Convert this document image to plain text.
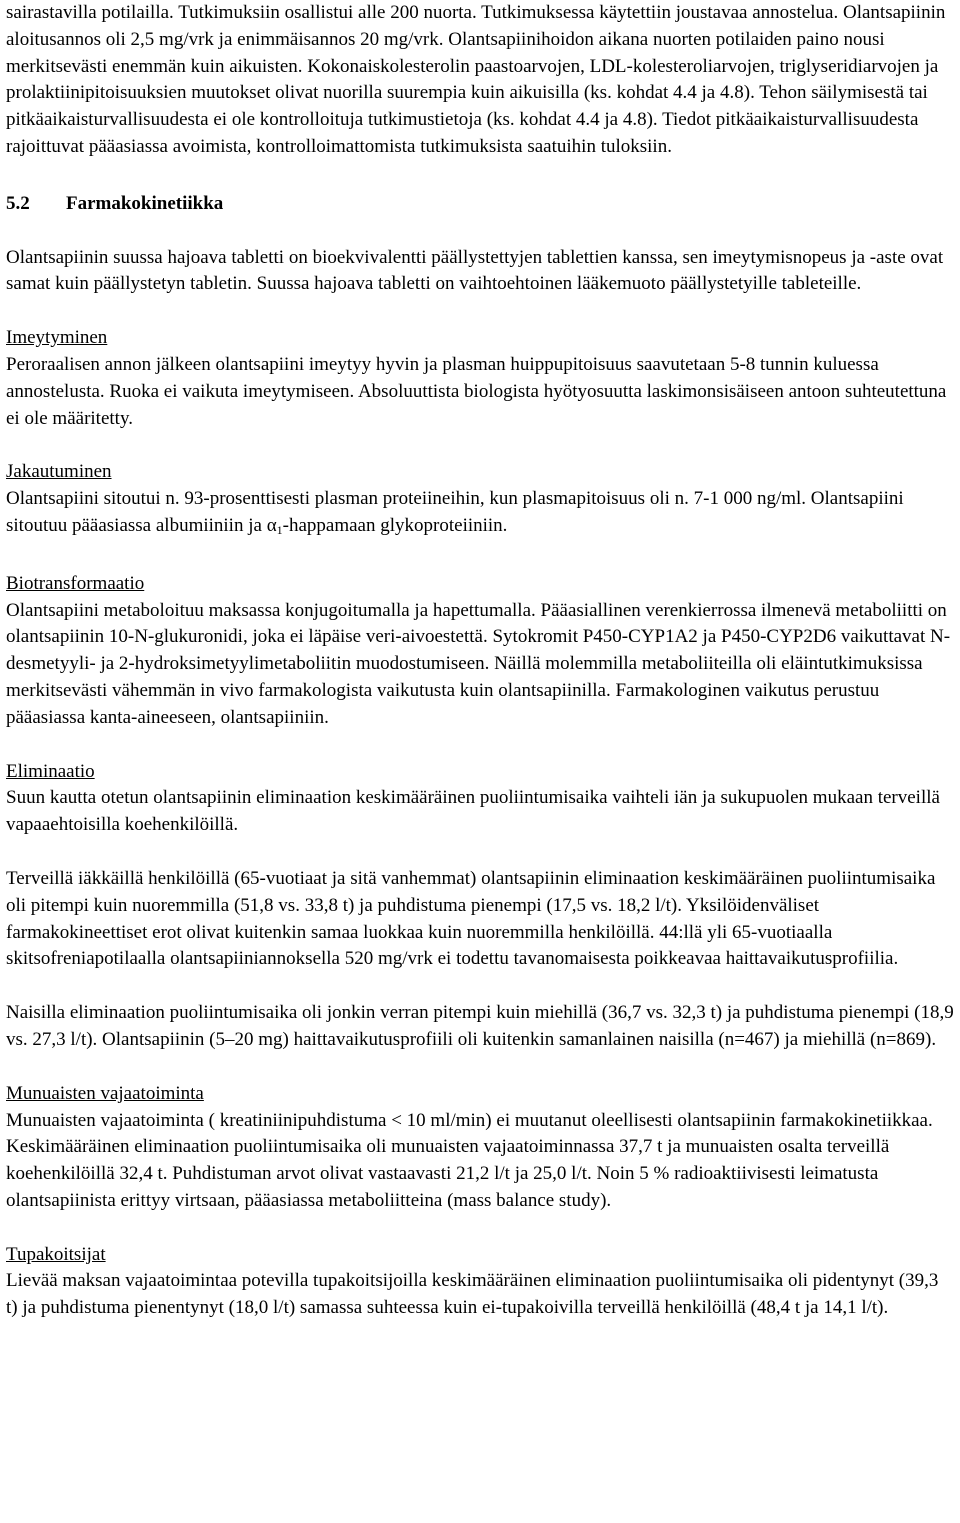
sairastavilla potilailla. Tutkimuksiin osallistui alle 200 nuorta. Tutkimuksessa käytettiin joustavaa annostelua. Olantsapiinin aloitusannos oli 2,5 mg/vrk ja enimmäisannos 20 mg/vrk. Olantsapiinihoidon aikana nuorten potilaiden paino nousi merkitsevästi enemmän kuin aikuisten. Kokonaiskolesterolin paastoarvojen, LDL-kolesteroliarvojen, triglyseridiarvojen ja prolaktiinipitoisuuksien muutokset olivat nuorilla suurempia kuin aikuisilla (ks. kohdat 4.4 ja 4.8). Tehon säilymisestä tai pitkäaikaisturvallisuudesta ei ole kontrolloituja tutkimustietoja (ks. kohdat 4.4 ja 4.8). Tiedot pitkäaikaisturvallisuudesta rajoittuvat pääasiassa avoimista, kontrolloimattomista tutkimuksista saatuihin tuloksiin.

5.2 Farmakokinetiikka

Olantsapiinin suussa hajoava tabletti on bioekvivalentti päällystettyjen tablettien kanssa, sen imeytymisnopeus ja -aste ovat samat kuin päällystetyn tabletin. Suussa hajoava tabletti on vaihtoehtoinen lääkemuoto päällystetyille tableteille.

Imeytyminen

Peroraalisen annon jälkeen olantsapiini imeytyy hyvin ja plasman huippupitoisuus saavutetaan 5-8 tunnin kuluessa annostelusta. Ruoka ei vaikuta imeytymiseen. Absoluuttista biologista hyötyosuutta laskimonsisäiseen antoon suhteutettuna ei ole määritetty.

Jakautuminen

Olantsapiini sitoutui n. 93-prosenttisesti plasman proteiineihin, kun plasmapitoisuus oli n. 7-1 000 ng/ml. Olantsapiini sitoutuu pääasiassa albumiiniin ja $\alpha_1$-happamaan glykoproteiiniin.

Biotransformaatio

Olantsapiini metaboloituu maksassa konjugoitumalla ja hapettumalla. Pääasiallinen verenkierrossa ilmenevä metaboliitti on olantsapiinin 10-N-glukuronidi, joka ei läpäise veri-aivoestettä. Sytokromit P450-CYP1A2 ja P450-CYP2D6 vaikuttavat N-desmetyyli- ja 2-hydroksimetyylimetaboliitin muodostumiseen. Näillä molemmilla metaboliiteilla oli eläintutkimuksissa merkitsevästi vähemmän in vivo farmakologista vaikutusta kuin olantsapiinilla. Farmakologinen vaikutus perustuu pääasiassa kanta-aineeseen, olantsapiiniin.

Eliminaatio

Suun kautta otetun olantsapiinin eliminaation keskimääräinen puoliintumisaika vaihteli iän ja sukupuolen mukaan terveillä vapaaehtoisilla koehenkilöillä.

Terveillä iäkkäillä henkilöillä (65-vuotiaat ja sitä vanhemmat) olantsapiinin eliminaation keskimääräinen puoliintumisaika oli pitempi kuin nuoremmilla (51,8 vs. 33,8 t) ja puhdistuma pienempi (17,5 vs. 18,2 l/t). Yksilöidenväliset farmakokineettiset erot olivat kuitenkin samaa luokkaa kuin nuoremmilla henkilöillä. 44:llä yli 65-vuotiaalla skitsofreniapotilaalla olantsapiiniannoksella 520 mg/vrk ei todettu tavanomaisesta poikkeavaa haittavaikutusprofiilia.

Naisilla eliminaation puoliintumisaika oli jonkin verran pitempi kuin miehillä (36,7 vs. 32,3 t) ja puhdistuma pienempi (18,9 vs. 27,3 l/t). Olantsapiinin (5–20 mg) haittavaikutusprofiili oli kuitenkin samanlainen naisilla (n=467) ja miehillä (n=869).

Munuaisten vajaatoiminta

Munuaisten vajaatoiminta ( kreatiniinipuhdistuma < 10 ml/min) ei muutanut oleellisesti olantsapiinin farmakokinetiikkaa. Keskimääräinen eliminaation puoliintumisaika oli munuaisten vajaatoiminnassa 37,7 t ja munuaisten osalta terveillä koehenkilöillä 32,4 t. Puhdistuman arvot olivat vastaavasti 21,2 l/t ja 25,0 l/t. Noin 5 % radioaktiivisesti leimatusta olantsapiinista erittyy virtsaan, pääasiassa metaboliitteina (mass balance study).

Tupakoitsijat

Lievää maksan vajaatoimintaa potevilla tupakoitsijoilla keskimääräinen eliminaation puoliintumisaika oli pidentynyt (39,3 t) ja puhdistuma pienentynyt (18,0 l/t) samassa suhteessa kuin ei-tupakoivilla terveillä henkilöillä (48,4 t ja 14,1 l/t).
